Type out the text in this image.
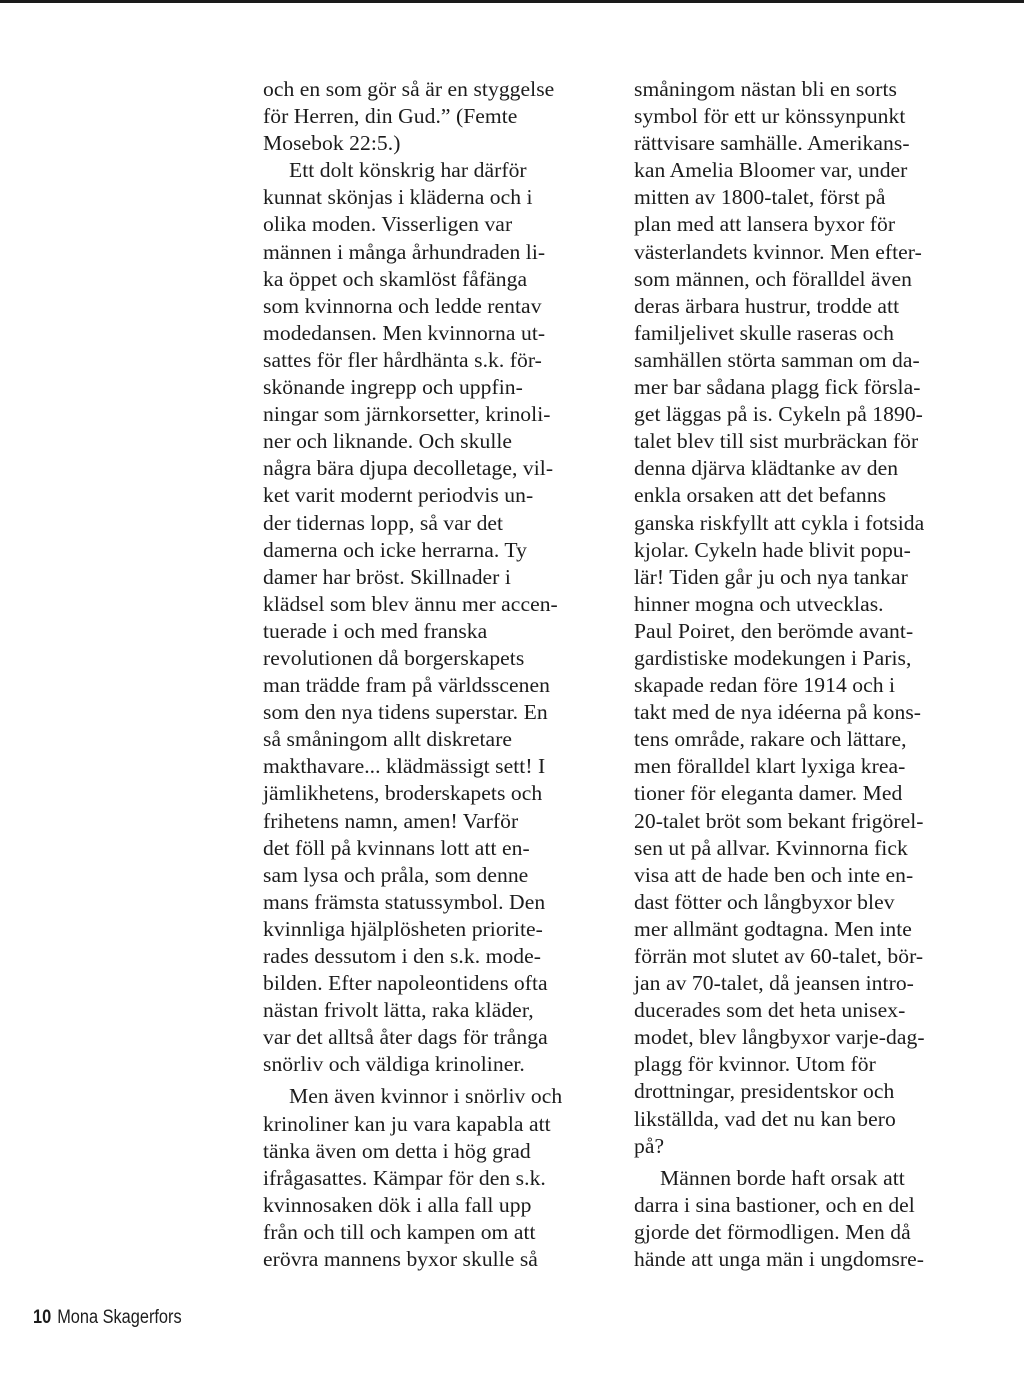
och en som gör så är en styggelse
för Herren, din Gud.” (Femte
Mosebok 22:5.)
Ett dolt könskrig har därför
kunnat skönjas i kläderna och i
olika moden. Visserligen var
männen i många århundraden li-
ka öppet och skamlöst fåfänga
som kvinnorna och ledde rentav
modedansen. Men kvinnorna ut-
sattes för fler hårdhänta s.k. för-
skönande ingrepp och uppfin-
ningar som järnkorsetter, krinoli-
ner och liknande. Och skulle
några bära djupa decolletage, vil-
ket varit modernt periodvis un-
der tidernas lopp, så var det
damerna och icke herrarna. Ty
damer har bröst. Skillnader i
klädsel som blev ännu mer accen-
tuerade i och med franska
revolutionen då borgerskapets
man trädde fram på världsscenen
som den nya tidens superstar. En
så småningom allt diskretare
makthavare... klädmässigt sett! I
jämlikhetens, broderskapets och
frihetens namn, amen! Varför
det föll på kvinnans lott att en-
sam lysa och pråla, som denne
mans främsta statussymbol. Den
kvinnliga hjälplösheten priorite-
rades dessutom i den s.k. mode-
bilden. Efter napoleontidens ofta
nästan frivolt lätta, raka kläder,
var det alltså åter dags för trånga
snörliv och väldiga krinoliner.
Men även kvinnor i snörliv och
krinoliner kan ju vara kapabla att
tänka även om detta i hög grad
ifrågasattes. Kämpar för den s.k.
kvinnosaken dök i alla fall upp
från och till och kampen om att
erövra mannens byxor skulle så
småningom nästan bli en sorts
symbol för ett ur könssynpunkt
rättvisare samhälle. Amerikans-
kan Amelia Bloomer var, under
mitten av 1800-talet, först på
plan med att lansera byxor för
västerlandets kvinnor. Men efter-
som männen, och föralldel även
deras ärbara hustrur, trodde att
familjelivet skulle raseras och
samhällen störta samman om da-
mer bar sådana plagg fick försla-
get läggas på is. Cykeln på 1890-
talet blev till sist murbräckan för
denna djärva klädtanke av den
enkla orsaken att det befanns
ganska riskfyllt att cykla i fotsida
kjolar. Cykeln hade blivit popu-
lär! Tiden går ju och nya tankar
hinner mogna och utvecklas.
Paul Poiret, den berömde avant-
gardistiske modekungen i Paris,
skapade redan före 1914 och i
takt med de nya idéerna på kons-
tens område, rakare och lättare,
men föralldel klart lyxiga krea-
tioner för eleganta damer. Med
20-talet bröt som bekant frigörel-
sen ut på allvar. Kvinnorna fick
visa att de hade ben och inte en-
dast fötter och långbyxor blev
mer allmänt godtagna. Men inte
förrän mot slutet av 60-talet, bör-
jan av 70-talet, då jeansen intro-
ducerades som det heta unisex-
modet, blev långbyxor varje-dag-
plagg för kvinnor. Utom för
drottningar, presidentskor och
likställda, vad det nu kan bero
på?
Männen borde haft orsak att
darra i sina bastioner, och en del
gjorde det förmodligen. Men då
hände att unga män i ungdomsre-
10 Mona Skagerfors
